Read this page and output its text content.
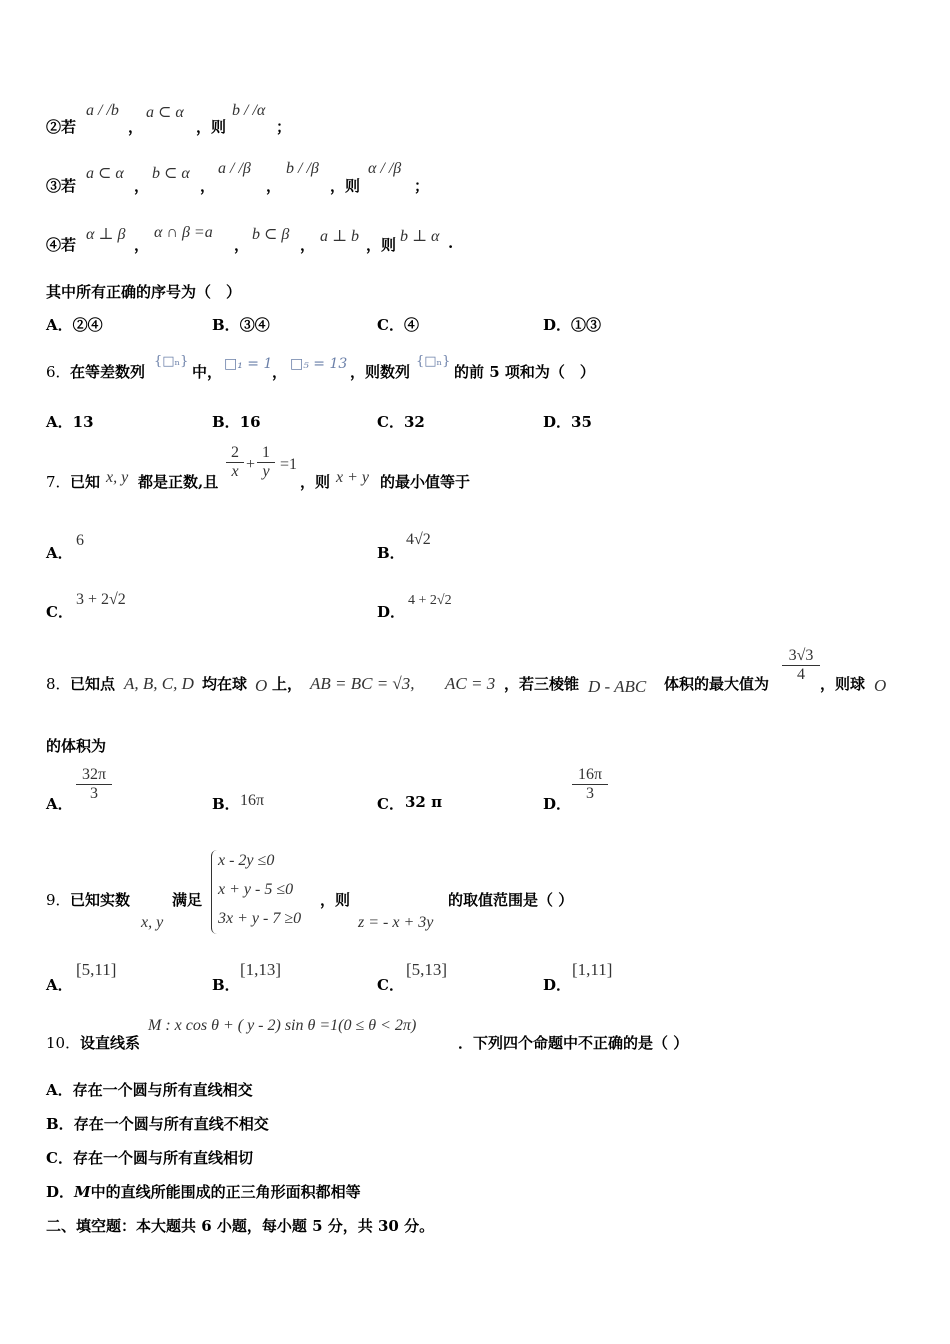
②若
a / /b
，
a ⊂ α
，则
b / /α
；
③若
a ⊂ α
，
b ⊂ α
，
a / /β
，
b / /β
，则
α / /β
；
④若
α ⊥ β
，
α ∩ β =a
，
b ⊂ β
， a ⊥ b ，则 b ⊥ α .
其中所有正确的序号为（　）
A．②④	B．③④	C．④	D．①③
6． 在等差数列
{□ₙ}
中， □₁ = 1 ， □₅ = 13 ，则数列
{□ₙ}
的前 5 项和为（　）
A．13	B．16	C．32	D．35
7． 已知 x, y 都是正数,且
$\frac{2}{x} + \frac{1}{y} =1$
，则 x + y 的最小值等于
A．
6
B．
4√2
C．
3 + 2√2
D．
4 + 2√2
8． 已知点 A, B, C, D 均在球 O 上， AB = BC = √3, AC = 3 ，若三棱锥 D - ABC 体积的最大值为 $\frac{3√3}{4}$ ，则球 O
的体积为
A．
$\frac{32\pi}{3}$
B． 16π	C． 32 π	D．
$\frac{16\pi}{3}$
9． 已知实数
x, y
满足
x - 2y ≤0
x + y - 5 ≤0
3x + y - 7 ≥0
，则
z = - x + 3y
的取值范围是（ ）
A．
[5,11]
B．
[1,13]
C．
[5,13]
D．
[1,11]
10． 设直线系
M : x cos θ + ( y - 2) sin θ =1(0 ≤ θ < 2π)
．下列四个命题中不正确的是（ ）
A．存在一个圆与所有直线相交
B．存在一个圆与所有直线不相交
C．存在一个圆与所有直线相切
D．M中的直线所能围成的正三角形面积都相等
二、填空题：本大题共 6 小题，每小题 5 分，共 30 分。
